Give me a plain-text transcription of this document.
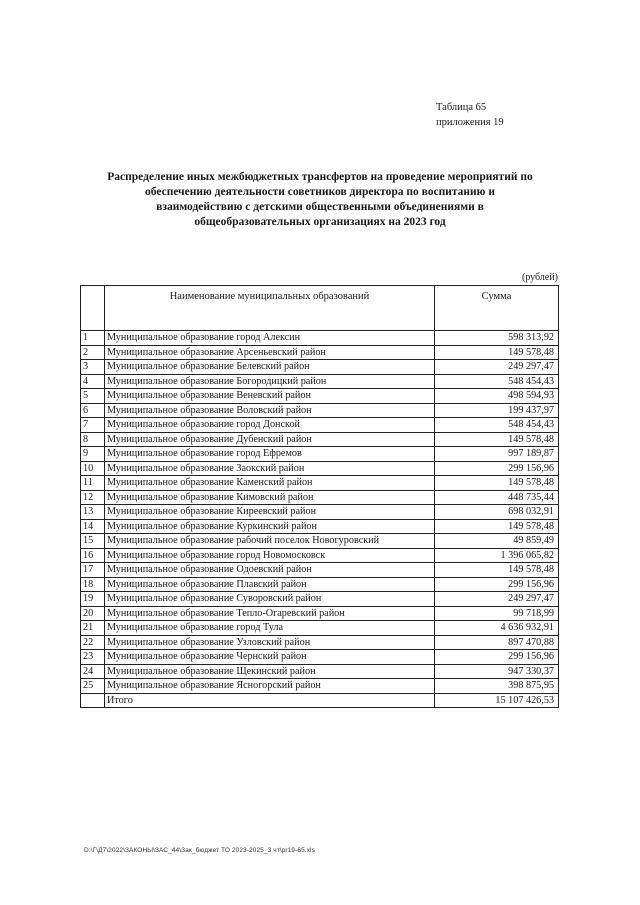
Таблица 65
приложения 19
Распределение иных межбюджетных трансфертов на проведение мероприятий по
обеспечению деятельности советников директора по воспитанию и
взаимодействию с детскими общественными объединениями в
общеобразовательных организациях на 2023 год
(рублей)
	Наименование муниципальных образований	Сумма
1	Муниципальное образование город Алексин	598 313,92
2	Муниципальное образование Арсеньевский район	149 578,48
3	Муниципальное образование Белевский район	249 297,47
4	Муниципальное образование Богородицкий район	548 454,43
5	Муниципальное образование Веневский район	498 594,93
6	Муниципальное образование Воловский район	199 437,97
7	Муниципальное образование город Донской	548 454,43
8	Муниципальное образование Дубенский район	149 578,48
9	Муниципальное образование город Ефремов	997 189,87
10	Муниципальное образование Заокский район	299 156,96
11	Муниципальное образование Каменский район	149 578,48
12	Муниципальное образование Кимовский район	448 735,44
13	Муниципальное образование Киреевский район	698 032,91
14	Муниципальное образование Куркинский район	149 578,48
15	Муниципальное образование рабочий поселок Новогуровский	49 859,49
16	Муниципальное образование город Новомосковск	1 396 065,82
17	Муниципальное образование Одоевский район	149 578,48
18	Муниципальное образование Плавский район	299 156,96
19	Муниципальное образование Суворовский район	249 297,47
20	Муниципальное образование Тепло-Огаревский район	99 718,99
21	Муниципальное образование город Тула	4 636 932,91
22	Муниципальное образование Узловский район	897 470,88
23	Муниципальное образование Чернский район	299 156,96
24	Муниципальное образование Щекинский район	947 330,37
25	Муниципальное образование Ясногорский район	398 875,95
	Итого	15 107 426,53
D:\Г\Д7\2022\ЗАКОНЫ\ЗАС_44\Зак_бюджет ТО 2023-2025_3 чт\pr19-65.xls
